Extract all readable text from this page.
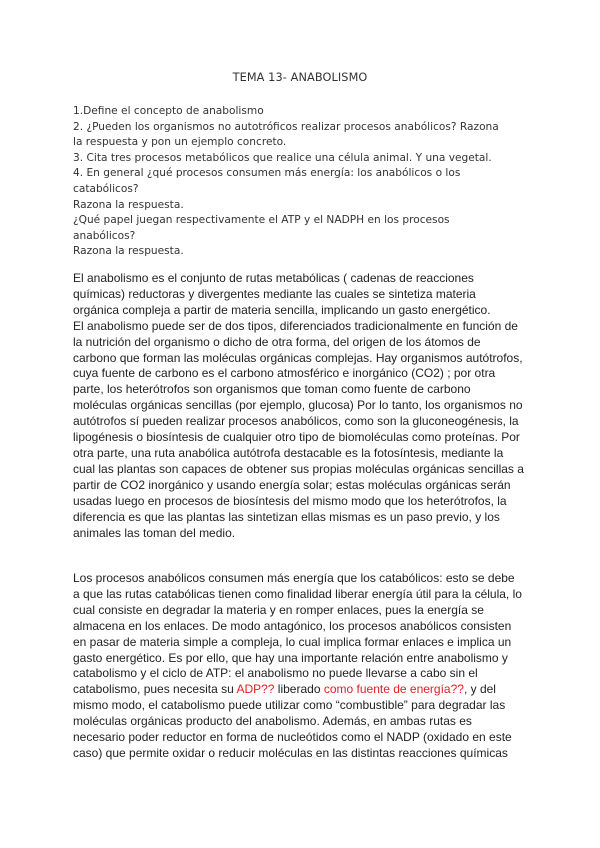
TEMA 13- ANABOLISMO
1.Define el concepto de anabolismo
2. ¿Pueden los organismos no autotróficos realizar procesos anabólicos? Razona
la respuesta y pon un ejemplo concreto.
3. Cita tres procesos metabólicos que realice una célula animal. Y una vegetal.
4. En general ¿qué procesos consumen más energía: los anabólicos o los
catabólicos?
Razona la respuesta.
¿Qué papel juegan respectivamente el ATP y el NADPH en los procesos
anabólicos?
Razona la respuesta.
El anabolismo es el conjunto de rutas metabólicas ( cadenas de reacciones
químicas) reductoras y divergentes mediante las cuales se sintetiza materia
orgánica compleja a partir de materia sencilla, implicando un gasto energético.
El anabolismo puede ser de dos tipos, diferenciados tradicionalmente en función de
la nutrición del organismo o dicho de otra forma, del origen de los átomos de
carbono que forman las moléculas orgánicas complejas. Hay organismos autótrofos,
cuya fuente de carbono es el carbono atmosférico e inorgánico (CO2) ; por otra
parte, los heterótrofos son organismos que toman como fuente de carbono
moléculas orgánicas sencillas (por ejemplo, glucosa) Por lo tanto, los organismos no
autótrofos sí pueden realizar procesos anabólicos, como son la gluconeogénesis, la
lipogénesis o biosíntesis de cualquier otro tipo de biomoléculas como proteínas. Por
otra parte, una ruta anabólica autótrofa destacable es la fotosíntesis, mediante la
cual las plantas son capaces de obtener sus propias moléculas orgánicas sencillas a
partir de CO2 inorgánico y usando energía solar; estas moléculas orgánicas serán
usadas luego en procesos de biosíntesis del mismo modo que los heterótrofos, la
diferencia es que las plantas las sintetizan ellas mismas es un paso previo, y los
animales las toman del medio.
Los procesos anabólicos consumen más energía que los catabólicos: esto se debe
a que las rutas catabólicas tienen como finalidad liberar energía útil para la célula, lo
cual consiste en degradar la materia y en romper enlaces, pues la energía se
almacena en los enlaces. De modo antagónico, los procesos anabólicos consisten
en pasar de materia simple a compleja, lo cual implica formar enlaces e implica un
gasto energético. Es por ello, que hay una importante relación entre anabolismo y
catabolismo y el ciclo de ATP: el anabolismo no puede llevarse a cabo sin el
catabolismo, pues necesita su ADP?? liberado como fuente de energía??, y del
mismo modo, el catabolismo puede utilizar como “combustible” para degradar las
moléculas orgánicas producto del anabolismo. Además, en ambas rutas es
necesario poder reductor en forma de nucleótidos como el NADP (oxidado en este
caso) que permite oxidar o reducir moléculas en las distintas reacciones químicas
